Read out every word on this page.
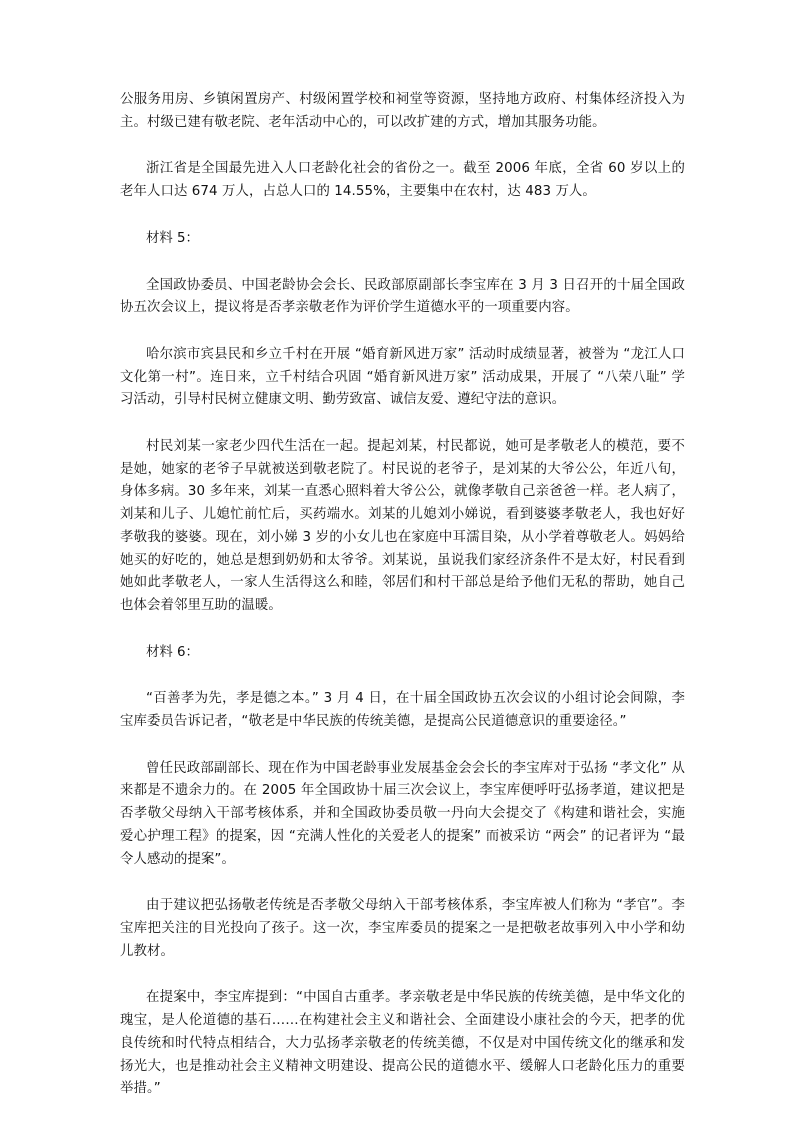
公服务用房、乡镇闲置房产、村级闲置学校和祠堂等资源，坚持地方政府、村集体经济投入为主。村级已建有敬老院、老年活动中心的，可以改扩建的方式，增加其服务功能。

浙江省是全国最先进入人口老龄化社会的省份之一。截至 2006 年底，全省 60 岁以上的老年人口达 674 万人，占总人口的 14.55%，主要集中在农村，达 483 万人。

材料 5：

全国政协委员、中国老龄协会会长、民政部原副部长李宝库在 3 月 3 日召开的十届全国政协五次会议上，提议将是否孝亲敬老作为评价学生道德水平的一项重要内容。

哈尔滨市宾县民和乡立千村在开展 “婚育新风进万家” 活动时成绩显著，被誉为 “龙江人口文化第一村”。连日来，立千村结合巩固 “婚育新风进万家” 活动成果，开展了 “八荣八耻” 学习活动，引导村民树立健康文明、勤劳致富、诚信友爱、遵纪守法的意识。

村民刘某一家老少四代生活在一起。提起刘某，村民都说，她可是孝敬老人的模范，要不是她，她家的老爷子早就被送到敬老院了。村民说的老爷子，是刘某的大爷公公，年近八旬，身体多病。30 多年来，刘某一直悉心照料着大爷公公，就像孝敬自己亲爸爸一样。老人病了，刘某和儿子、儿媳忙前忙后，买药端水。刘某的儿媳刘小娣说，看到婆婆孝敬老人，我也好好孝敬我的婆婆。现在，刘小娣 3 岁的小女儿也在家庭中耳濡目染，从小学着尊敬老人。妈妈给她买的好吃的，她总是想到奶奶和太爷爷。刘某说，虽说我们家经济条件不是太好，村民看到她如此孝敬老人，一家人生活得这么和睦，邻居们和村干部总是给予他们无私的帮助，她自己也体会着邻里互助的温暖。

材料 6：

“百善孝为先，孝是德之本。” 3 月 4 日，在十届全国政协五次会议的小组讨论会间隙，李宝库委员告诉记者，“敬老是中华民族的传统美德，是提高公民道德意识的重要途径。”

曾任民政部副部长、现在作为中国老龄事业发展基金会会长的李宝库对于弘扬 “孝文化” 从来都是不遗余力的。在 2005 年全国政协十届三次会议上，李宝库便呼吁弘扬孝道，建议把是否孝敬父母纳入干部考核体系，并和全国政协委员敬一丹向大会提交了《构建和谐社会，实施爱心护理工程》的提案，因 “充满人性化的关爱老人的提案” 而被采访 “两会” 的记者评为 “最令人感动的提案”。

由于建议把弘扬敬老传统是否孝敬父母纳入干部考核体系，李宝库被人们称为 “孝官”。李宝库把关注的目光投向了孩子。这一次，李宝库委员的提案之一是把敬老故事列入中小学和幼儿教材。

在提案中，李宝库提到：“中国自古重孝。孝亲敬老是中华民族的传统美德，是中华文化的瑰宝，是人伦道德的基石……在构建社会主义和谐社会、全面建设小康社会的今天，把孝的优良传统和时代特点相结合，大力弘扬孝亲敬老的传统美德，不仅是对中国传统文化的继承和发扬光大，也是推动社会主义精神文明建设、提高公民的道德水平、缓解人口老龄化压力的重要举措。”
